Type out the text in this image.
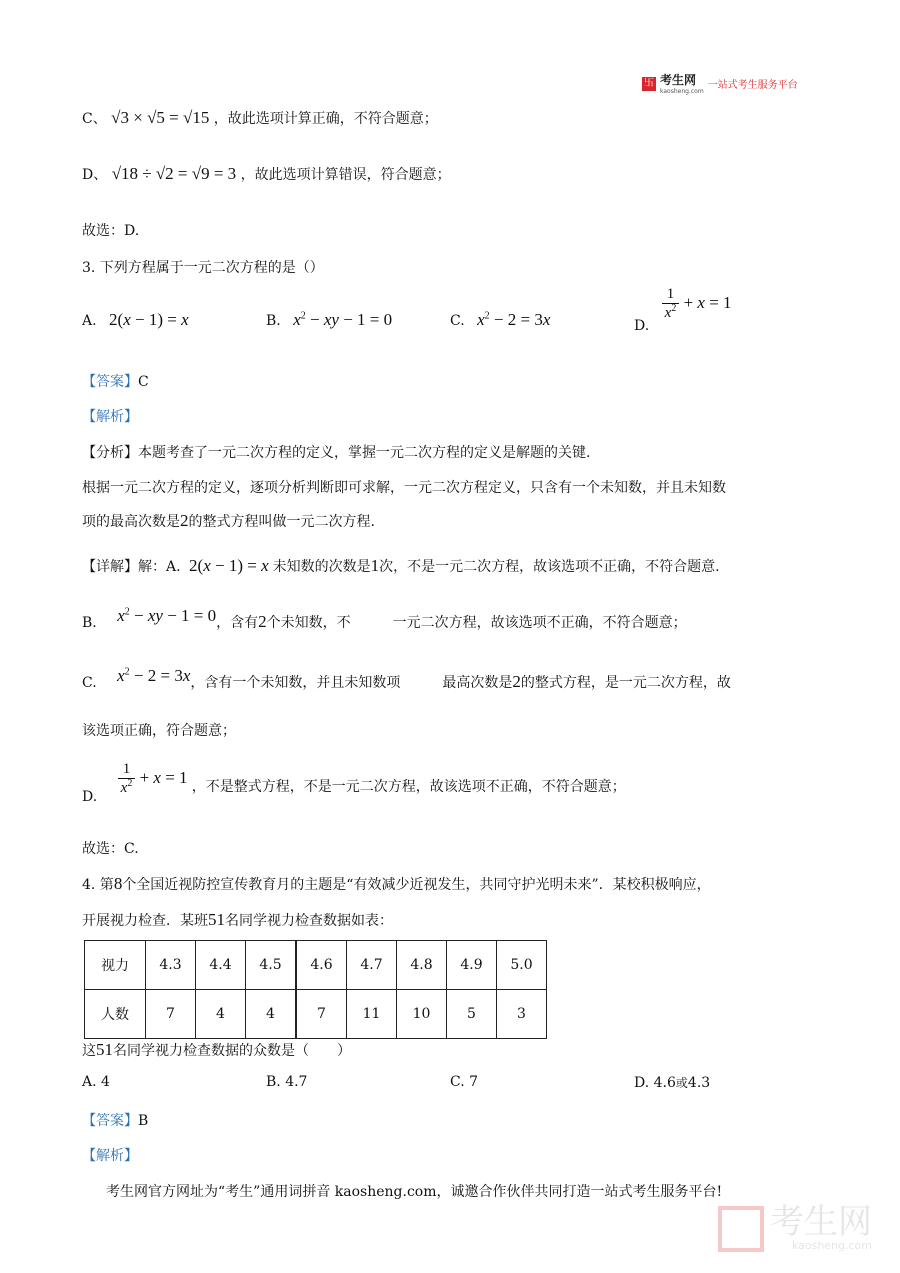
卐 考生网
kaosheng.com
一站式考生服务平台
C、 √3 × √5 = √15 ，故此选项计算正确，不符合题意；
D、 √18 ÷ √2 = √9 = 3 ，故此选项计算错误，符合题意；
故选：D.
3. 下列方程属于一元二次方程的是（）
A. 2(x − 1) = x	B. $x^2$ − xy − 1 = 0	C. $x^2 - 2 = 3x$	D.
$\frac{1}{x^2} + x = 1$
【答案】C
【解析】
【分析】本题考查了一元二次方程的定义，掌握一元二次方程的定义是解题的关键.
根据一元二次方程的定义，逐项分析判断即可求解，一元二次方程定义，只含有一个未知数，并且未知数
项的最高次数是2的整式方程叫做一元二次方程.
【详解】解：A. 2(x − 1) = x 未知数的次数是1次，不是一元二次方程，故该选项不正确，不符合题意.
B. $x^2$ − xy − 1 = 0，含有2个未知数，不	一元二次方程，故该选项不正确，不符合题意；
C. $x^2 - 2 = 3x$，含有一个未知数，并且未知数项	最高次数是2的整式方程，是一元二次方程，故
该选项正确，符合题意；
D.
$\frac{1}{x^2} + x = 1$ ，不是整式方程，不是一元二次方程，故该选项不正确，不符合题意；
故选：C.
4. 第8个全国近视防控宣传教育月的主题是“有效减少近视发生，共同守护光明未来”．某校积极响应，
开展视力检查．某班51名同学视力检查数据如表：
视力	4.3	4.4	4.5	4.6	4.7	4.8	4.9	5.0
人数	7	4	4	7	11	10	5	3
这51名同学视力检查数据的众数是（　　）
A. 4	B. 4.7	C. 7	D. 4.6或4.3
【答案】B
【解析】
考生网官方网址为“考生”通用词拼音 kaosheng.com，诚邀合作伙伴共同打造一站式考生服务平台!
考生网
kaosheng.com
